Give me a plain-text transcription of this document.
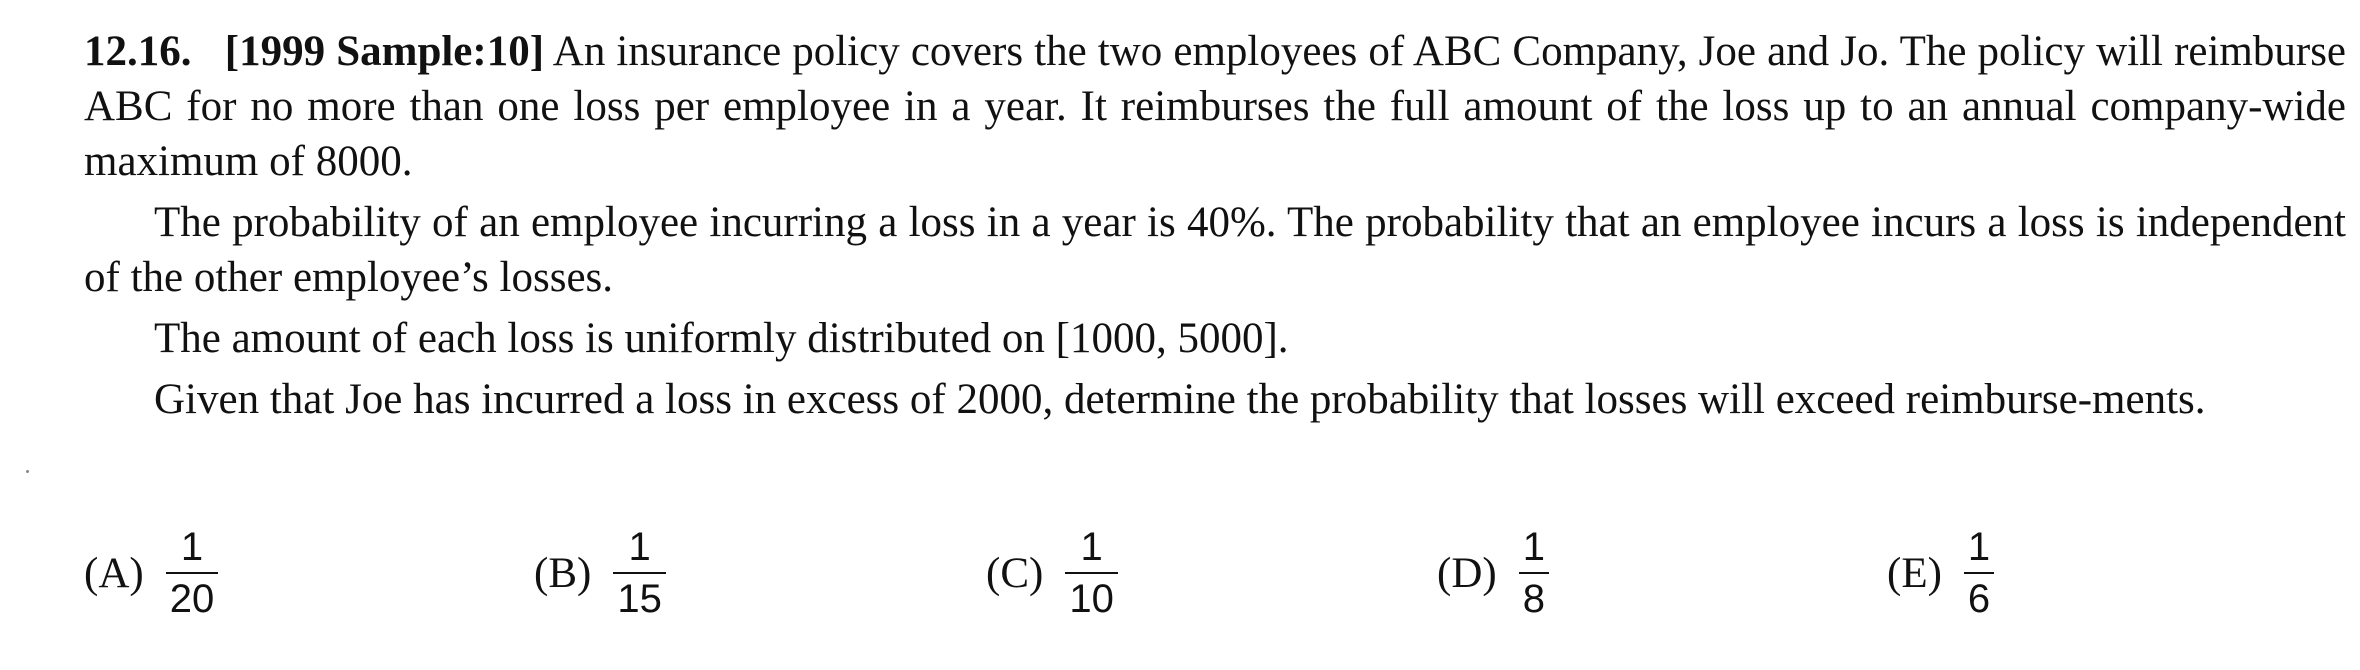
12.16. [1999 Sample:10] An insurance policy covers the two employees of ABC Company, Joe and Jo. The policy will reimburse ABC for no more than one loss per employee in a year. It reimburses the full amount of the loss up to an annual company-wide maximum of 8000.

The probability of an employee incurring a loss in a year is 40%. The probability that an employee incurs a loss is independent of the other employee’s losses.

The amount of each loss is uniformly distributed on [1000, 5000].

Given that Joe has incurred a loss in excess of 2000, determine the probability that losses will exceed reimburse-ments.

$(A) \frac{1}{20}$	$(B) \frac{1}{15}$	$(C) \frac{1}{10}$	$(D) \frac{1}{8}$	$(E) \frac{1}{6}$
